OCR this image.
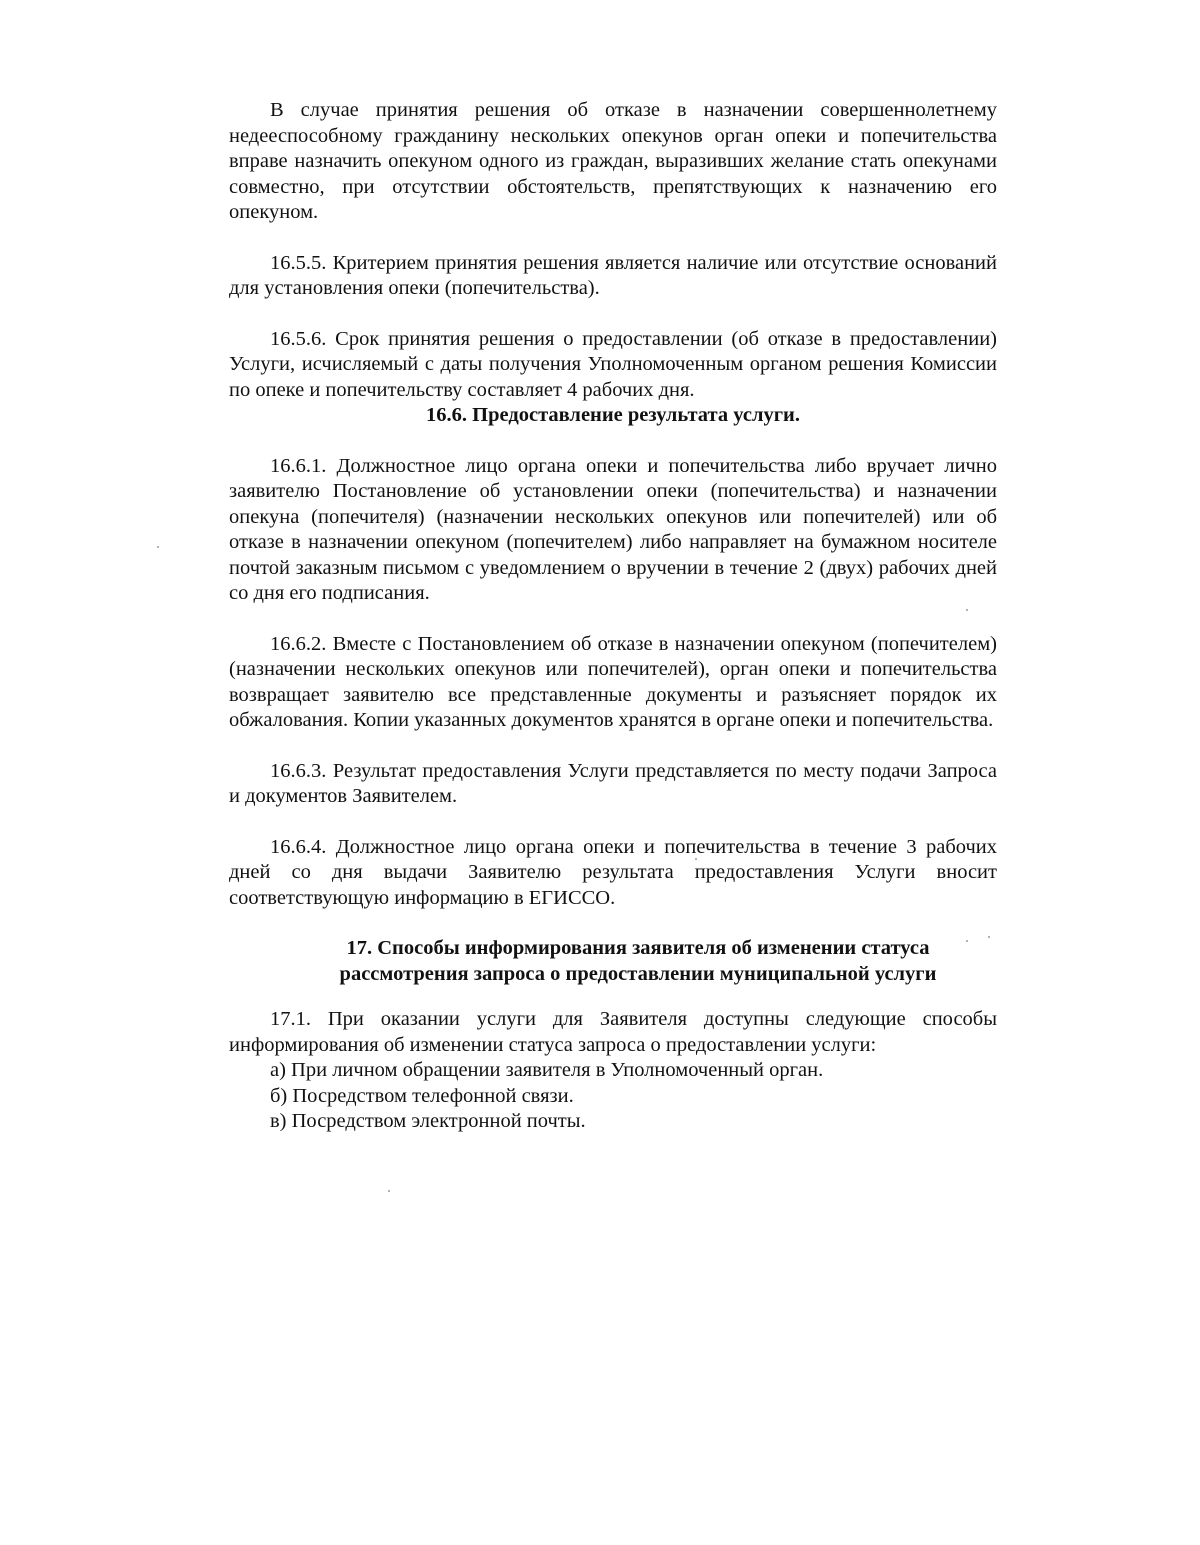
В случае принятия решения об отказе в назначении совершеннолетнему недееспособному гражданину нескольких опекунов орган опеки и попечительства вправе назначить опекуном одного из граждан, выразивших желание стать опекунами совместно, при отсутствии обстоятельств, препятствующих к назначению его опекуном.

16.5.5. Критерием принятия решения является наличие или отсутствие оснований для установления опеки (попечительства).

16.5.6. Срок принятия решения о предоставлении (об отказе в предоставлении) Услуги, исчисляемый с даты получения Уполномоченным органом решения Комиссии по опеке и попечительству составляет 4 рабочих дня.

16.6. Предоставление результата услуги.

16.6.1. Должностное лицо органа опеки и попечительства либо вручает лично заявителю Постановление об установлении опеки (попечительства) и назначении опекуна (попечителя) (назначении нескольких опекунов или попечителей) или об отказе в назначении опекуном (попечителем) либо направляет на бумажном носителе почтой заказным письмом с уведомлением о вручении в течение 2 (двух) рабочих дней со дня его подписания.

16.6.2. Вместе с Постановлением об отказе в назначении опекуном (попечителем) (назначении нескольких опекунов или попечителей), орган опеки и попечительства возвращает заявителю все представленные документы и разъясняет порядок их обжалования. Копии указанных документов хранятся в органе опеки и попечительства.

16.6.3. Результат предоставления Услуги представляется по месту подачи Запроса и документов Заявителем.

16.6.4. Должностное лицо органа опеки и попечительства в течение 3 рабочих дней со дня выдачи Заявителю результата предоставления Услуги вносит соответствующую информацию в ЕГИССО.

17. Способы информирования заявителя об изменении статуса

рассмотрения запроса о предоставлении муниципальной услуги

17.1. При оказании услуги для Заявителя доступны следующие способы информирования об изменении статуса запроса о предоставлении услуги:

а) При личном обращении заявителя в Уполномоченный орган.

б) Посредством телефонной связи.

в) Посредством электронной почты.
